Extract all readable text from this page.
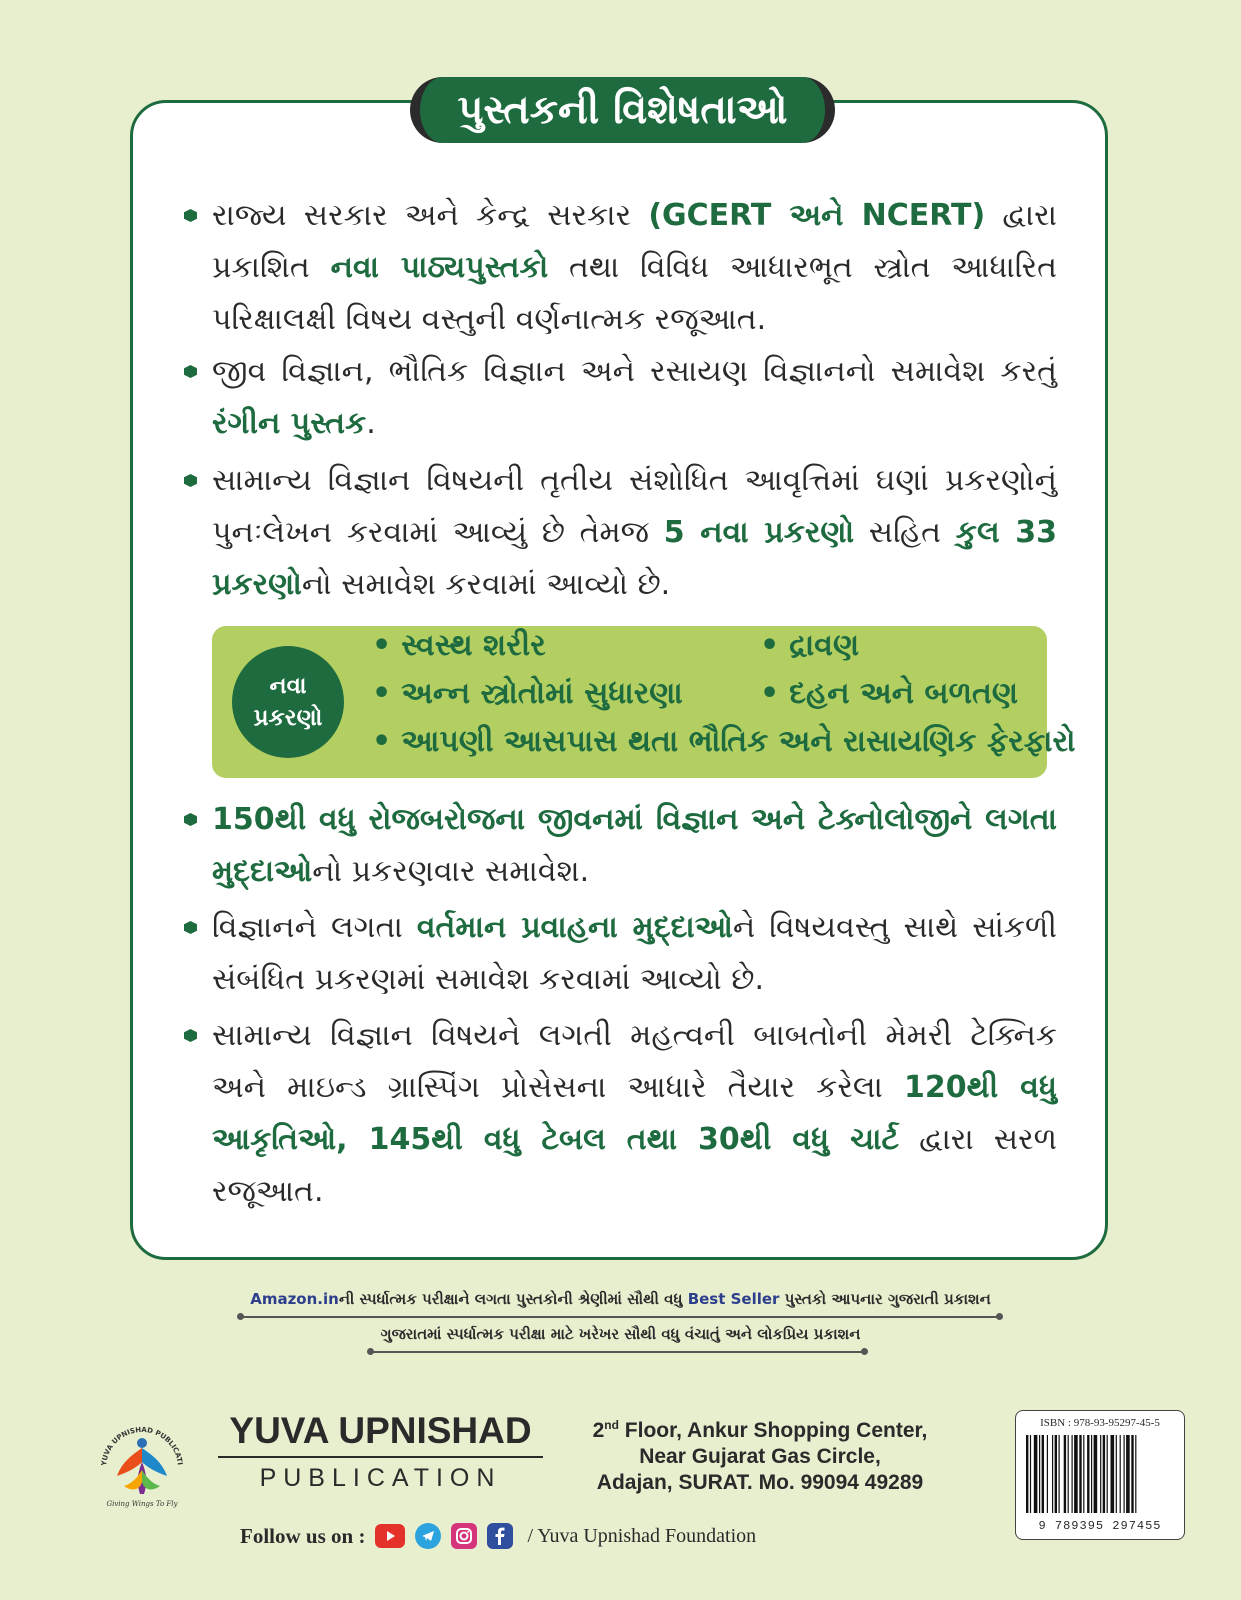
પુસ્તકની વિશેષતાઓ
રાજ્ય સરકાર અને કેન્દ્ર સરકાર (GCERT અને NCERT) દ્વારા પ્રકાશિત નવા પાઠ્યપુસ્તકો તથા વિવિધ આધારભૂત સ્ત્રોત આધારિત પરિક્ષાલક્ષી વિષય વસ્તુની વર્ણનાત્મક રજૂઆત.
જીવ વિજ્ઞાન, ભૌતિક વિજ્ઞાન અને રસાયણ વિજ્ઞાનનો સમાવેશ કરતું રંગીન પુસ્તક.
સામાન્ય વિજ્ઞાન વિષયની તૃતીય સંશોધિત આવૃત્તિમાં ઘણાં પ્રકરણોનું પુનઃલેખન કરવામાં આવ્યું છે તેમજ 5 નવા પ્રકરણો સહિત કુલ 33 પ્રકરણોનો સમાવેશ કરવામાં આવ્યો છે.
નવા
પ્રકરણો
• સ્વસ્થ શરીર	• દ્રાવણ
• અન્ન સ્ત્રોતોમાં સુધારણા	• દહન અને બળતણ
• આપણી આસપાસ થતા ભૌતિક અને રાસાયણિક ફેરફારો
150થી વધુ રોજબરોજના જીવનમાં વિજ્ઞાન અને ટેક્નોલોજીને લગતા મુદ્દાઓનો પ્રકરણવાર સમાવેશ.
વિજ્ઞાનને લગતા વર્તમાન પ્રવાહના મુદ્દાઓને વિષયવસ્તુ સાથે સાંકળી સંબંધિત પ્રકરણમાં સમાવેશ કરવામાં આવ્યો છે.
સામાન્ય વિજ્ઞાન વિષયને લગતી મહત્વની બાબતોની મેમરી ટેક્નિક અને માઇન્ડ ગ્રાસ્પિંગ પ્રોસેસના આધારે તૈયાર કરેલા 120થી વધુ આકૃતિઓ, 145થી વધુ ટેબલ તથા 30થી વધુ ચાર્ટ દ્વારા સરળ રજૂઆત.
Amazon.inની સ્પર્ધાત્મક પરીક્ષાને લગતા પુસ્તકોની શ્રેણીમાં સૌથી વધુ Best Seller પુસ્તકો આપનાર ગુજરાતી પ્રકાશન
ગુજરાતમાં સ્પર્ધાત્મક પરીક્ષા માટે ખરેખર સૌથી વધુ વંચાતું અને લોકપ્રિય પ્રકાશન
YUVA UPNISHAD PUBLICATI
Giving Wings To Fly
YUVA UPNISHAD
PUBLICATION
2nd Floor, Ankur Shopping Center,
Near Gujarat Gas Circle,
Adajan, SURAT. Mo. 99094 49289
ISBN : 978-93-95297-45-5
9 789395 297455
Follow us on :	/ Yuva Upnishad Foundation
